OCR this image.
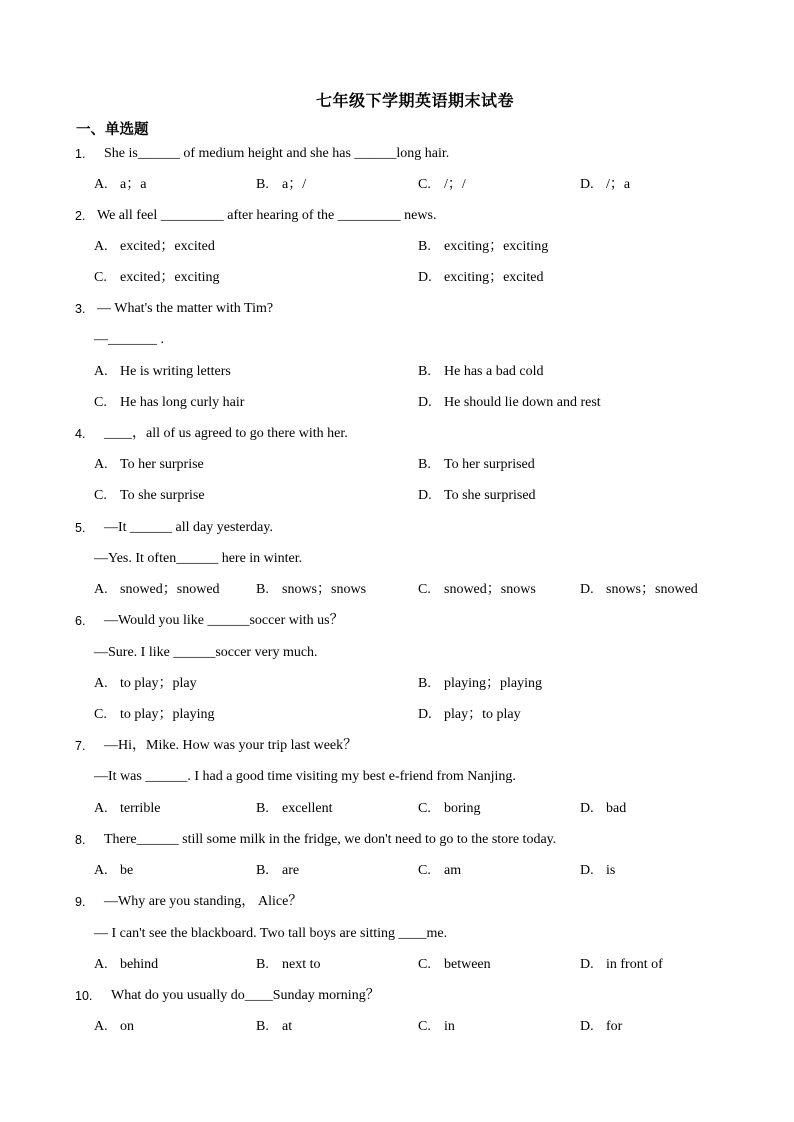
七年级下学期英语期末试卷
一、单选题
1. She is______ of medium height and she has ______long hair.
A. a；a	B. a；/	C. /；/	D. /；a
2. We all feel _________ after hearing of the _________ news.
A. excited；excited	B. exciting；exciting
C. excited；exciting	D. exciting；excited
3. — What's the matter with Tim?
—_______ .
A. He is writing letters	B. He has a bad cold
C. He has long curly hair	D. He should lie down and rest
4. ____，all of us agreed to go there with her.
A. To her surprise	B. To her surprised
C. To she surprise	D. To she surprised
5. —It ______ all day yesterday.
—Yes. It often______ here in winter.
A. snowed；snowed	B. snows；snows	C. snowed；snows	D. snows；snowed
6. —Would you like ______soccer with us？
—Sure. I like ______soccer very much.
A. to play；play	B. playing；playing
C. to play；playing	D. play；to play
7. —Hi，Mike. How was your trip last week？
—It was ______. I had a good time visiting my best e-friend from Nanjing.
A. terrible	B. excellent	C. boring	D. bad
8. There______ still some milk in the fridge, we don't need to go to the store today.
A. be	B. are	C. am	D. is
9. —Why are you standing， Alice？
— I can't see the blackboard. Two tall boys are sitting ____me.
A. behind	B. next to	C. between	D. in front of
10. What do you usually do____Sunday morning？
A. on	B. at	C. in	D. for
